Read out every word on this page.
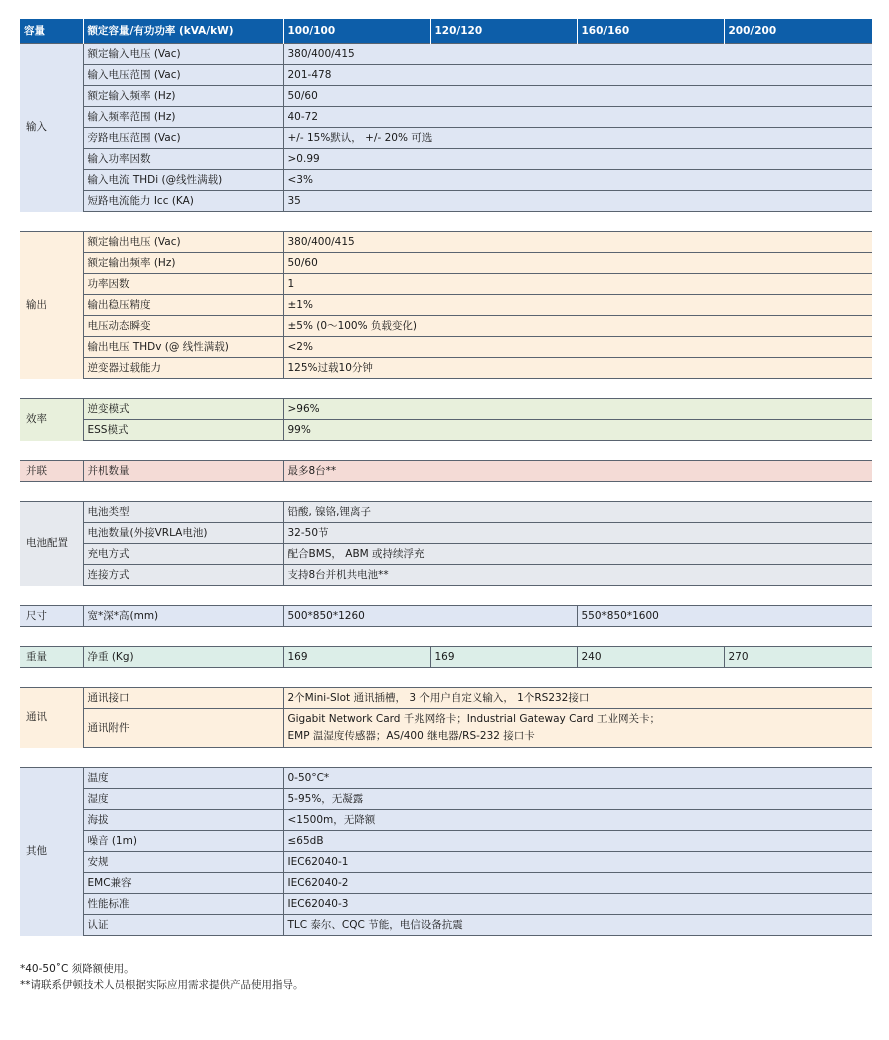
容量	额定容量/有功功率 (kVA/kW)	100/100	120/120	160/160	200/200
输入	额定输入电压 (Vac)	380/400/415			
	输入电压范围 (Vac)	201-478			
	额定输入频率 (Hz)	50/60			
	输入频率范围 (Hz)	40-72			
	旁路电压范围 (Vac)	+/- 15%默认， +/- 20% 可选			
	输入功率因数	>0.99			
	输入电流 THDi (@线性满载)	<3%			
	短路电流能力 Icc (KA)	35			

输出	额定输出电压 (Vac)	380/400/415			
	额定输出频率 (Hz)	50/60			
	功率因数	1			
	输出稳压精度	±1%			
	电压动态瞬变	±5% (0～100% 负载变化)			
	输出电压 THDv (@ 线性满载)	<2%			
	逆变器过载能力	125%过载10分钟			

效率	逆变模式	>96%			
	ESS模式	99%			

并联	并机数量	最多8台**			

电池配置	电池类型	铅酸, 镍铬,锂离子			
	电池数量(外接VRLA电池)	32-50节			
	充电方式	配合BMS， ABM 或持续浮充			
	连接方式	支持8台并机共电池**			

尺寸	宽*深*高(mm)	500*850*1260		550*850*1600	

重量	净重 (Kg)	169	169	240	270

通讯	通讯接口	2个Mini-Slot 通讯插槽， 3 个用户自定义输入， 1个RS232接口			
	通讯附件	Gigabit Network Card 千兆网络卡；Industrial Gateway Card 工业网关卡；
EMP 温湿度传感器；AS/400 继电器/RS-232 接口卡			

其他	温度	0-50°C*			
	湿度	5-95%，无凝露			
	海拔	<1500m，无降额			
	噪音 (1m)	≤65dB			
	安规	IEC62040-1			
	EMC兼容	IEC62040-2			
	性能标准	IEC62040-3			
	认证	TLC 泰尔、CQC 节能，电信设备抗震			
*40-50˚C 须降额使用。
**请联系伊顿技术人员根据实际应用需求提供产品使用指导。
